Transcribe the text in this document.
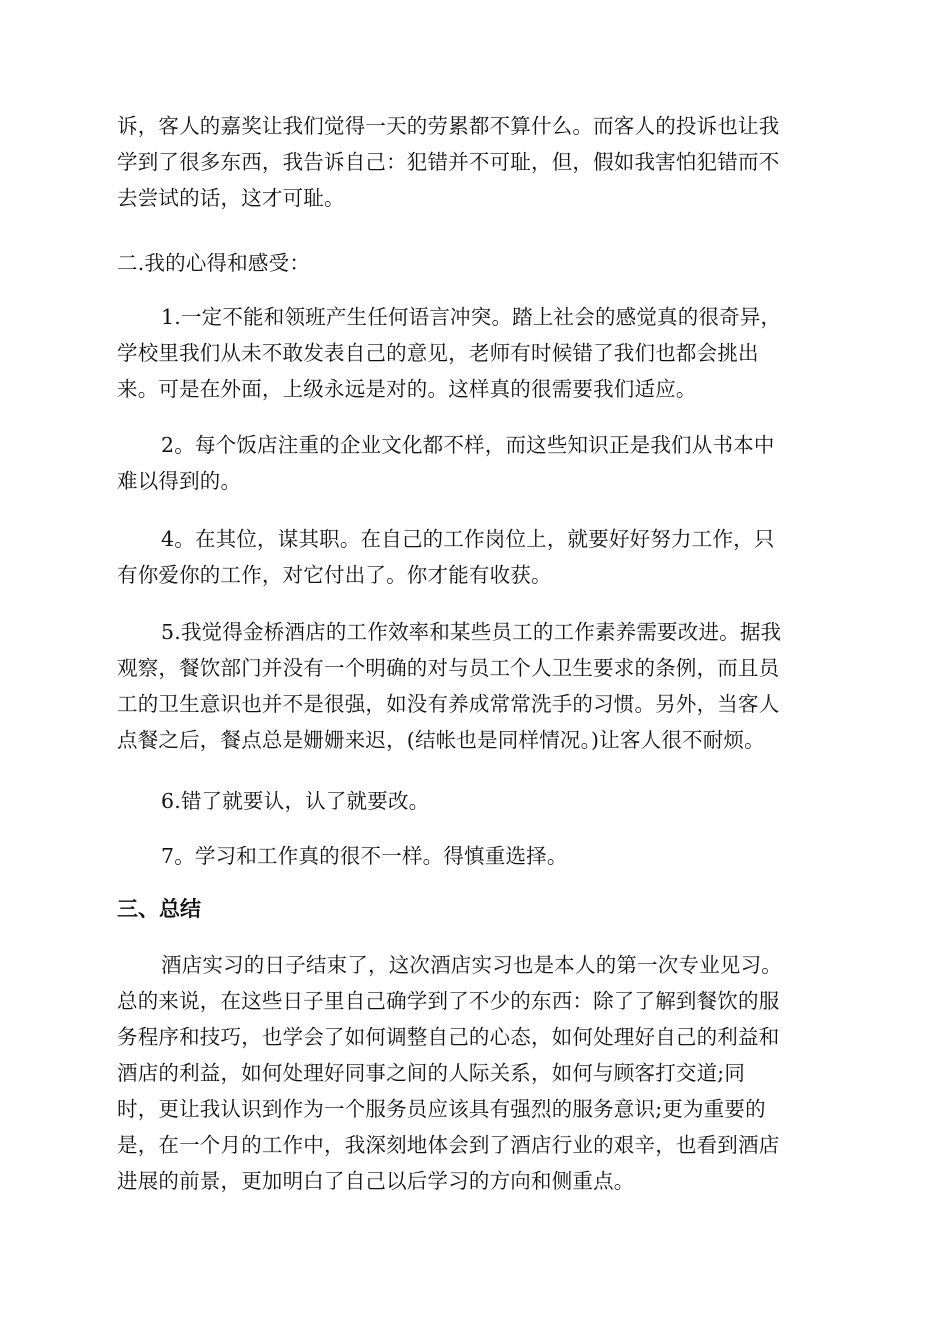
诉，客人的嘉奖让我们觉得一天的劳累都不算什么。而客人的投诉也让我
学到了很多东西，我告诉自己：犯错并不可耻，但，假如我害怕犯错而不
去尝试的话，这才可耻。

二.我的心得和感受：

1.一定不能和领班产生任何语言冲突。踏上社会的感觉真的很奇异，
学校里我们从未不敢发表自己的意见，老师有时候错了我们也都会挑出
来。可是在外面，上级永远是对的。这样真的很需要我们适应。

2。每个饭店注重的企业文化都不样，而这些知识正是我们从书本中
难以得到的。

4。在其位，谋其职。在自己的工作岗位上，就要好好努力工作，只
有你爱你的工作，对它付出了。你才能有收获。

5.我觉得金桥酒店的工作效率和某些员工的工作素养需要改进。据我
观察，餐饮部门并没有一个明确的对与员工个人卫生要求的条例，而且员
工的卫生意识也并不是很强，如没有养成常常洗手的习惯。另外，当客人
点餐之后，餐点总是姗姗来迟，(结帐也是同样情况。)让客人很不耐烦。

6.错了就要认，认了就要改。

7。学习和工作真的很不一样。得慎重选择。

三、总结

酒店实习的日子结束了，这次酒店实习也是本人的第一次专业见习。
总的来说，在这些日子里自己确学到了不少的东西：除了了解到餐饮的服
务程序和技巧，也学会了如何调整自己的心态，如何处理好自己的利益和
酒店的利益，如何处理好同事之间的人际关系，如何与顾客打交道;同
时，更让我认识到作为一个服务员应该具有强烈的服务意识;更为重要的
是，在一个月的工作中，我深刻地体会到了酒店行业的艰辛，也看到酒店
进展的前景，更加明白了自己以后学习的方向和侧重点。
